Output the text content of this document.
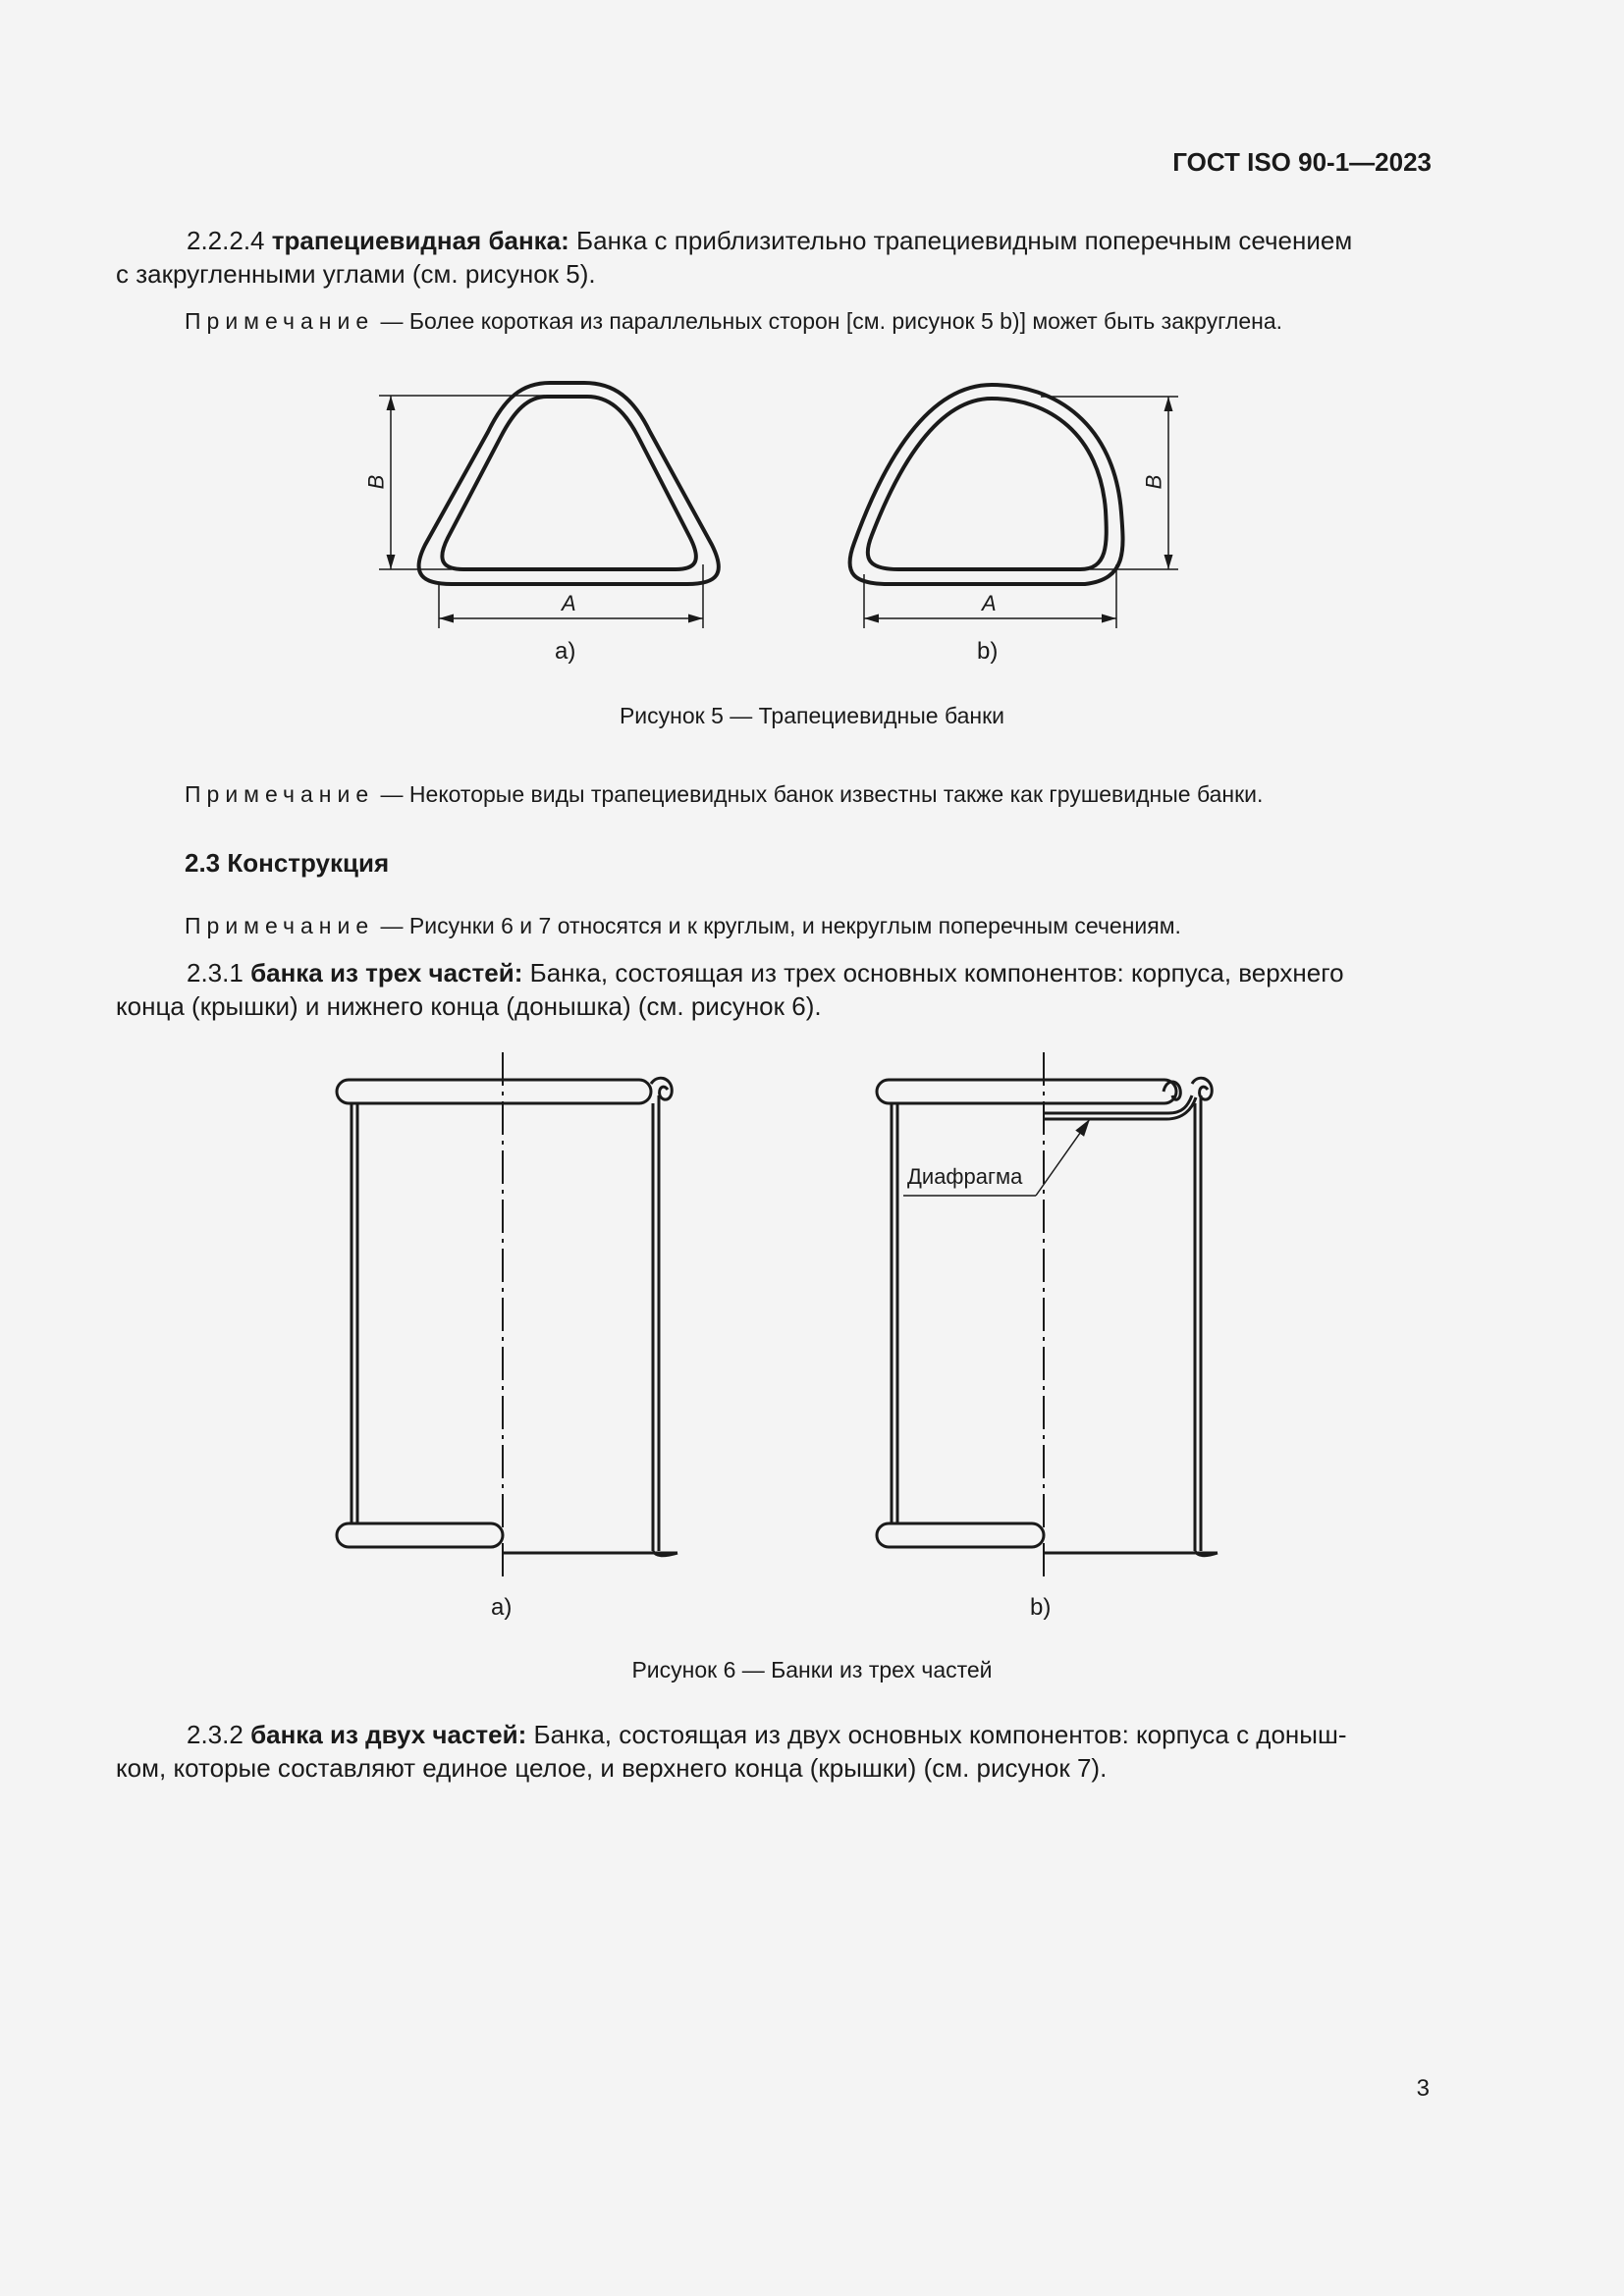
ГОСТ ISO 90-1—2023

2.2.2.4 трапециевидная банка: Банка с приблизительно трапециевидным поперечным сечением

с закругленными углами (см. рисунок 5).

Примечание — Более короткая из параллельных сторон [см. рисунок 5 b)] может быть закруглена.

B
A
B
A
a)	b)
Рисунок 5 — Трапециевидные банки

Примечание — Некоторые виды трапециевидных банок известны также как грушевидные банки.

2.3 Конструкция

Примечание — Рисунки 6 и 7 относятся и к круглым, и некруглым поперечным сечениям.

2.3.1 банка из трех частей: Банка, состоящая из трех основных компонентов: корпуса, верхнего

конца (крышки) и нижнего конца (донышка) (см. рисунок 6).

Диафрагма
a)	b)
Рисунок 6 — Банки из трех частей

2.3.2 банка из двух частей: Банка, состоящая из двух основных компонентов: корпуса с доныш-

ком, которые составляют единое целое, и верхнего конца (крышки) (см. рисунок 7).

3
